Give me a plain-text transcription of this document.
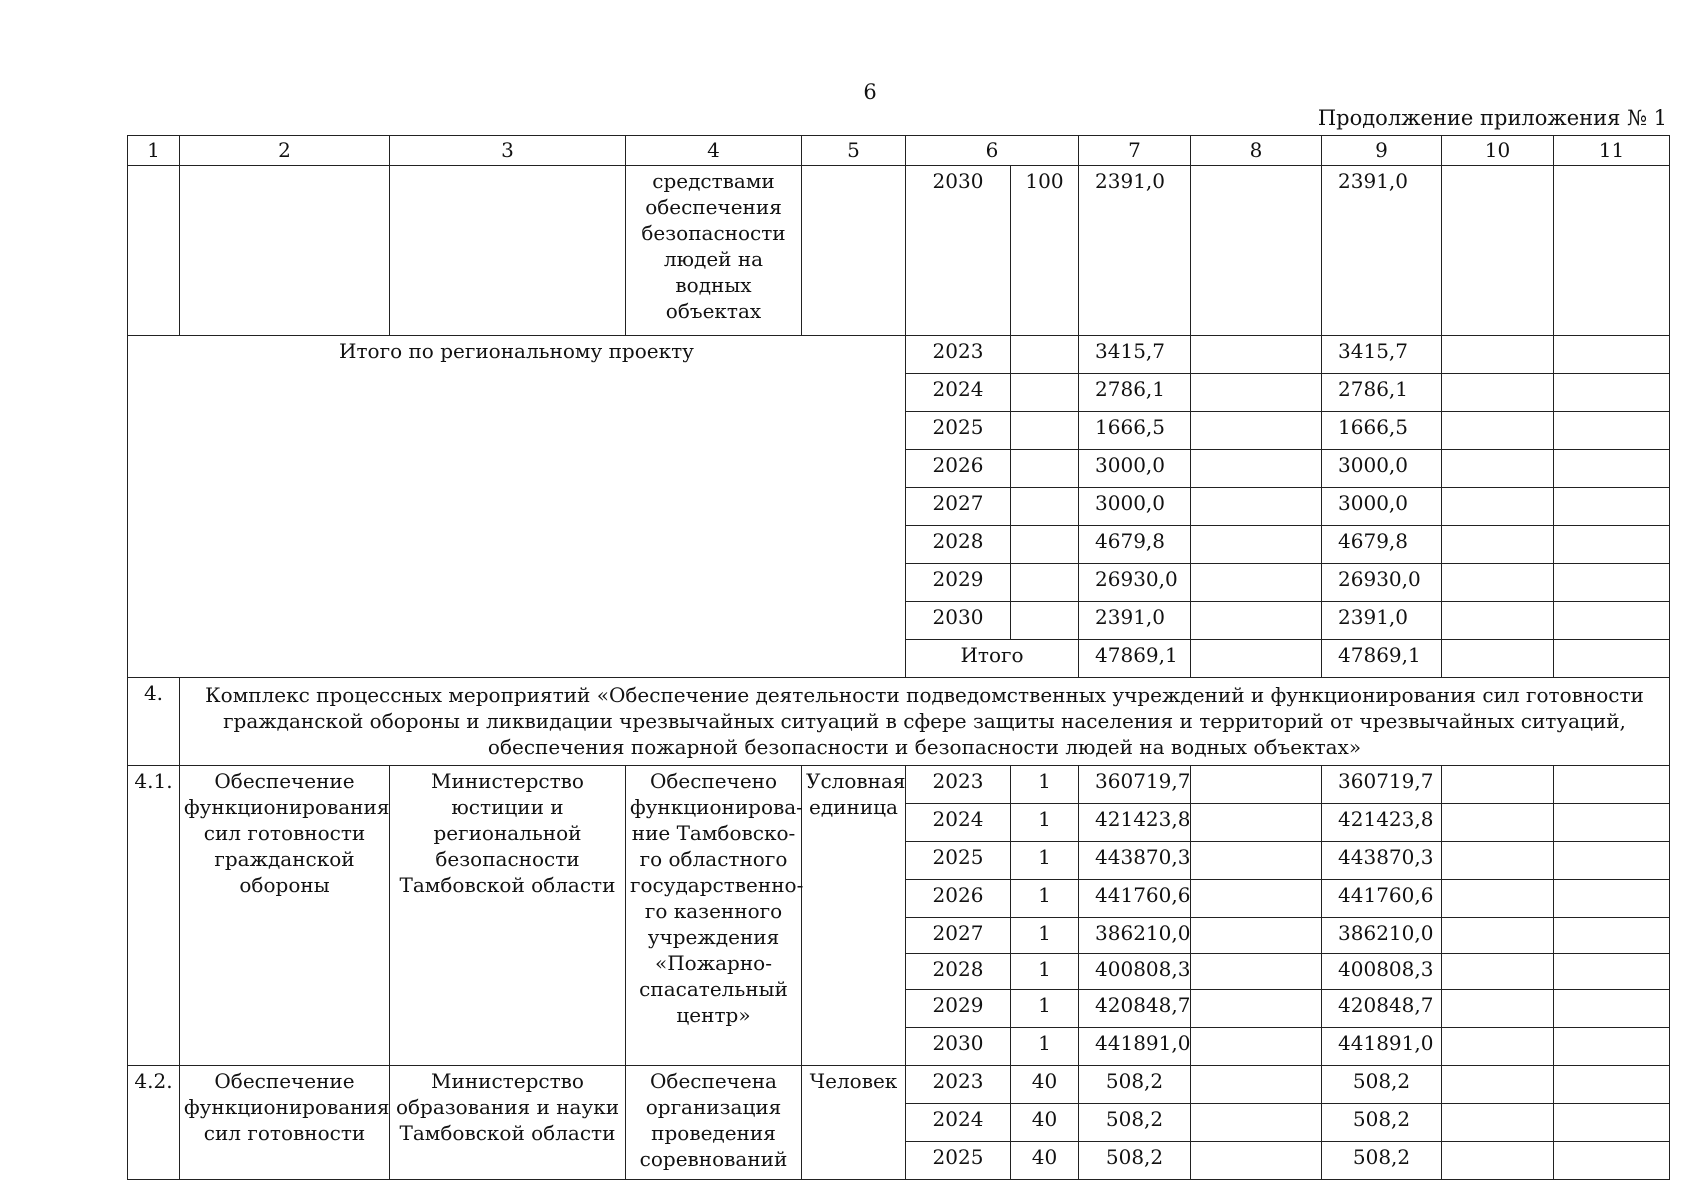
6
Продолжение приложения № 1
1	2	3	4	5	6		7	8	9	10	11
			средствами обеспечения безопасности людей на водных объектах		2030	100	2391,0		2391,0		
Итого по региональному проекту					2023		3415,7		3415,7		
					2024		2786,1		2786,1		
					2025		1666,5		1666,5		
					2026		3000,0		3000,0		
					2027		3000,0		3000,0		
					2028		4679,8		4679,8		
					2029		26930,0		26930,0		
					2030		2391,0		2391,0		
					Итого		47869,1		47869,1		
4.	Комплекс процессных мероприятий «Обеспечение деятельности подведомственных учреждений и функционирования сил готовности гражданской обороны и ликвидации чрезвычайных ситуаций в сфере защиты населения и территорий от чрезвычайных ситуаций, обеспечения пожарной безопасности и безопасности людей на водных объектах»										
4.1.	Обеспечение функционирования сил готовности гражданской обороны	Министерство юстиции и региональной безопасности Тамбовской области	Обеспечено функционирова-ние Тамбовско-го областного государственно-го казенного учреждения «Пожарно-спасательный центр»	Условная единица	2023	1	360719,7		360719,7		
					2024	1	421423,8		421423,8		
					2025	1	443870,3		443870,3		
					2026	1	441760,6		441760,6		
					2027	1	386210,0		386210,0		
					2028	1	400808,3		400808,3		
					2029	1	420848,7		420848,7		
					2030	1	441891,0		441891,0		
4.2.	Обеспечение функционирования сил готовности	Министерство образования и науки Тамбовской области	Обеспечена организация проведения соревнований	Человек	2023	40	508,2		508,2		
					2024	40	508,2		508,2		
					2025	40	508,2		508,2		
